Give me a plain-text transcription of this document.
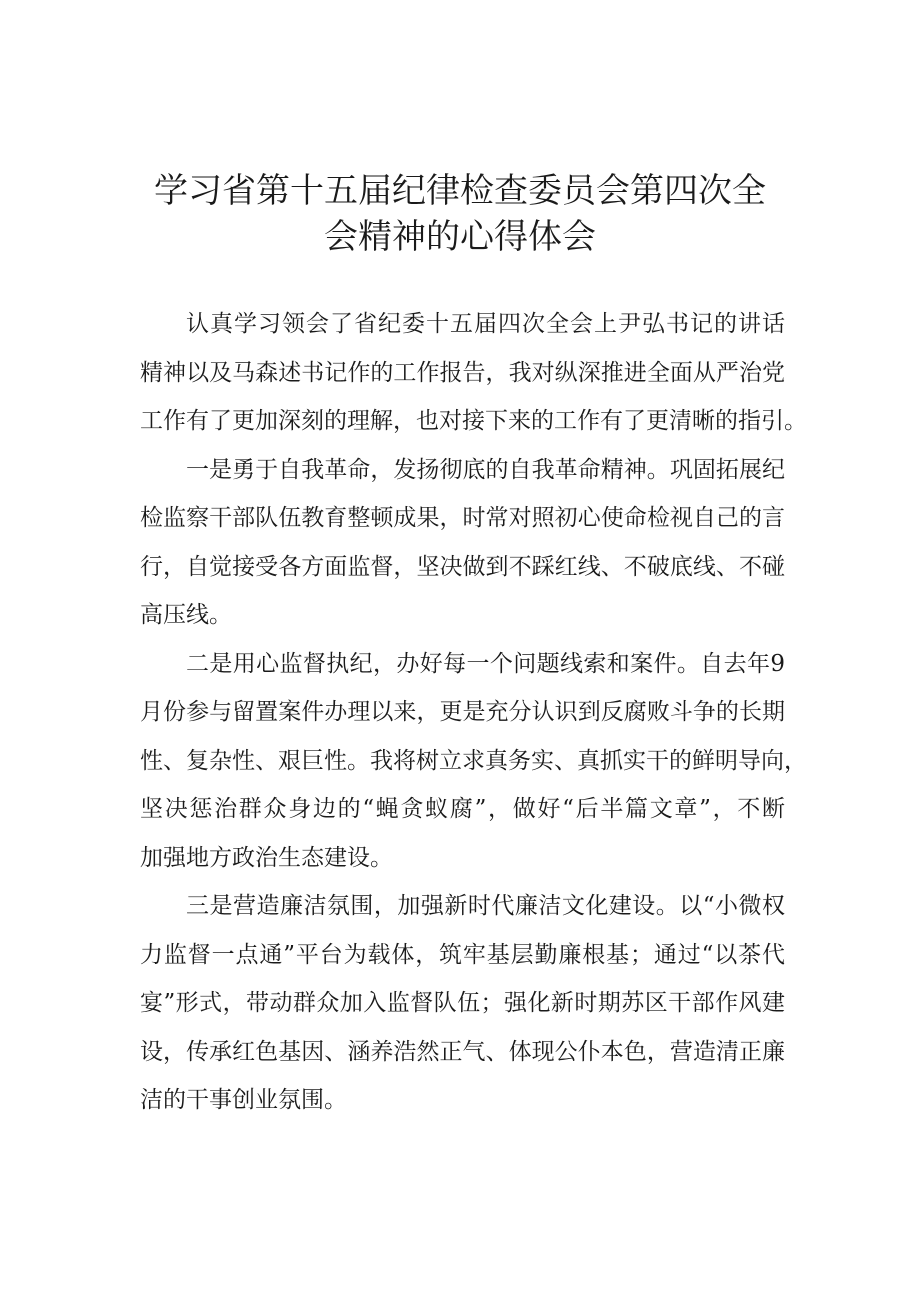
学习省第十五届纪律检查委员会第四次全
会精神的心得体会
认真学习领会了省纪委十五届四次全会上尹弘书记的讲话
精神以及马森述书记作的工作报告，我对纵深推进全面从严治党
工作有了更加深刻的理解，也对接下来的工作有了更清晰的指引。
一是勇于自我革命，发扬彻底的自我革命精神。巩固拓展纪
检监察干部队伍教育整顿成果，时常对照初心使命检视自己的言
行，自觉接受各方面监督，坚决做到不踩红线、不破底线、不碰
高压线。
二是用心监督执纪，办好每一个问题线索和案件。自去年9
月份参与留置案件办理以来，更是充分认识到反腐败斗争的长期
性、复杂性、艰巨性。我将树立求真务实、真抓实干的鲜明导向，
坚决惩治群众身边的“蝇贪蚁腐”，做好“后半篇文章”，不断
加强地方政治生态建设。
三是营造廉洁氛围，加强新时代廉洁文化建设。以“小微权
力监督一点通”平台为载体，筑牢基层勤廉根基；通过“以茶代
宴”形式，带动群众加入监督队伍；强化新时期苏区干部作风建
设，传承红色基因、涵养浩然正气、体现公仆本色，营造清正廉
洁的干事创业氛围。
